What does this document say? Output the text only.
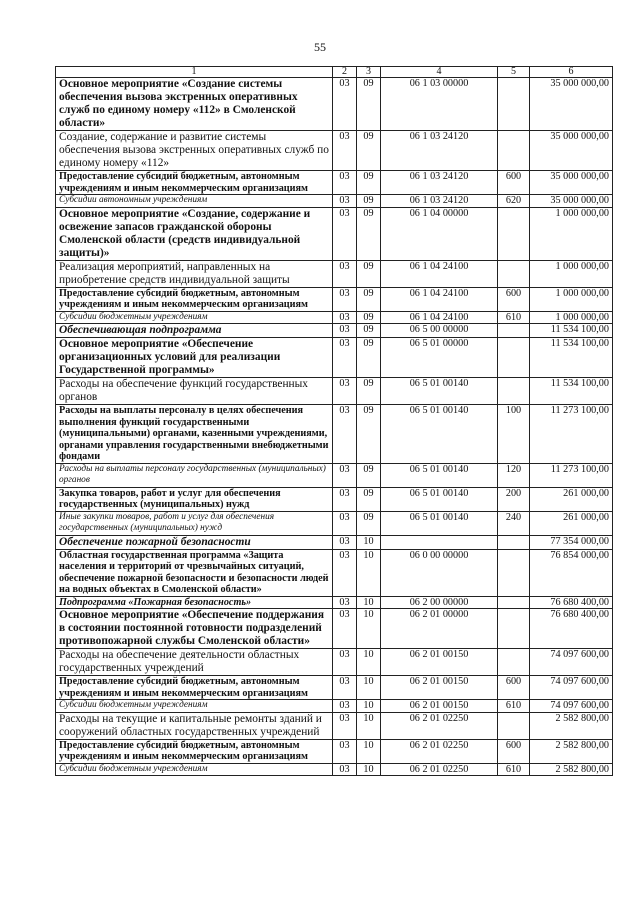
55
1	2	3	4	5	6
Основное мероприятие «Создание системы обеспечения вызова экстренных оперативных служб по единому номеру «112» в Смоленской области»	03	09	06 1 03 00000		35 000 000,00
Создание, содержание и развитие системы обеспечения вызова экстренных оперативных служб по единому номеру «112»	03	09	06 1 03 24120		35 000 000,00
Предоставление субсидий бюджетным, автономным учреждениям и иным некоммерческим организациям	03	09	06 1 03 24120	600	35 000 000,00
Субсидии автономным учреждениям	03	09	06 1 03 24120	620	35 000 000,00
Основное мероприятие «Создание, содержание и освежение запасов гражданской обороны Смоленской области (средств индивидуальной защиты)»	03	09	06 1 04 00000		1 000 000,00
Реализация мероприятий, направленных на приобретение средств индивидуальной защиты	03	09	06 1 04 24100		1 000 000,00
Предоставление субсидий бюджетным, автономным учреждениям и иным некоммерческим организациям	03	09	06 1 04 24100	600	1 000 000,00
Субсидии бюджетным учреждениям	03	09	06 1 04 24100	610	1 000 000,00
Обеспечивающая подпрограмма	03	09	06 5 00 00000		11 534 100,00
Основное мероприятие «Обеспечение организационных условий для реализации Государственной программы»	03	09	06 5 01 00000		11 534 100,00
Расходы на обеспечение функций государственных органов	03	09	06 5 01 00140		11 534 100,00
Расходы на выплаты персоналу в целях обеспечения выполнения функций государственными (муниципальными) органами, казенными учреждениями, органами управления государственными внебюджетными фондами	03	09	06 5 01 00140	100	11 273 100,00
Расходы на выплаты персоналу государственных (муниципальных) органов	03	09	06 5 01 00140	120	11 273 100,00
Закупка товаров, работ и услуг для обеспечения государственных (муниципальных) нужд	03	09	06 5 01 00140	200	261 000,00
Иные закупки товаров, работ и услуг для обеспечения государственных (муниципальных) нужд	03	09	06 5 01 00140	240	261 000,00
Обеспечение пожарной безопасности	03	10			77 354 000,00
Областная государственная программа «Защита населения и территорий от чрезвычайных ситуаций, обеспечение пожарной безопасности и безопасности людей на водных объектах в Смоленской области»	03	10	06 0 00 00000		76 854 000,00
Подпрограмма «Пожарная безопасность»	03	10	06 2 00 00000		76 680 400,00
Основное мероприятие «Обеспечение поддержания в состоянии постоянной готовности подразделений противопожарной службы Смоленской области»	03	10	06 2 01 00000		76 680 400,00
Расходы на обеспечение деятельности областных государственных учреждений	03	10	06 2 01 00150		74 097 600,00
Предоставление субсидий бюджетным, автономным учреждениям и иным некоммерческим организациям	03	10	06 2 01 00150	600	74 097 600,00
Субсидии бюджетным учреждениям	03	10	06 2 01 00150	610	74 097 600,00
Расходы на текущие и капитальные ремонты зданий и сооружений областных государственных учреждений	03	10	06 2 01 02250		2 582 800,00
Предоставление субсидий бюджетным, автономным учреждениям и иным некоммерческим организациям	03	10	06 2 01 02250	600	2 582 800,00
Субсидии бюджетным учреждениям	03	10	06 2 01 02250	610	2 582 800,00
